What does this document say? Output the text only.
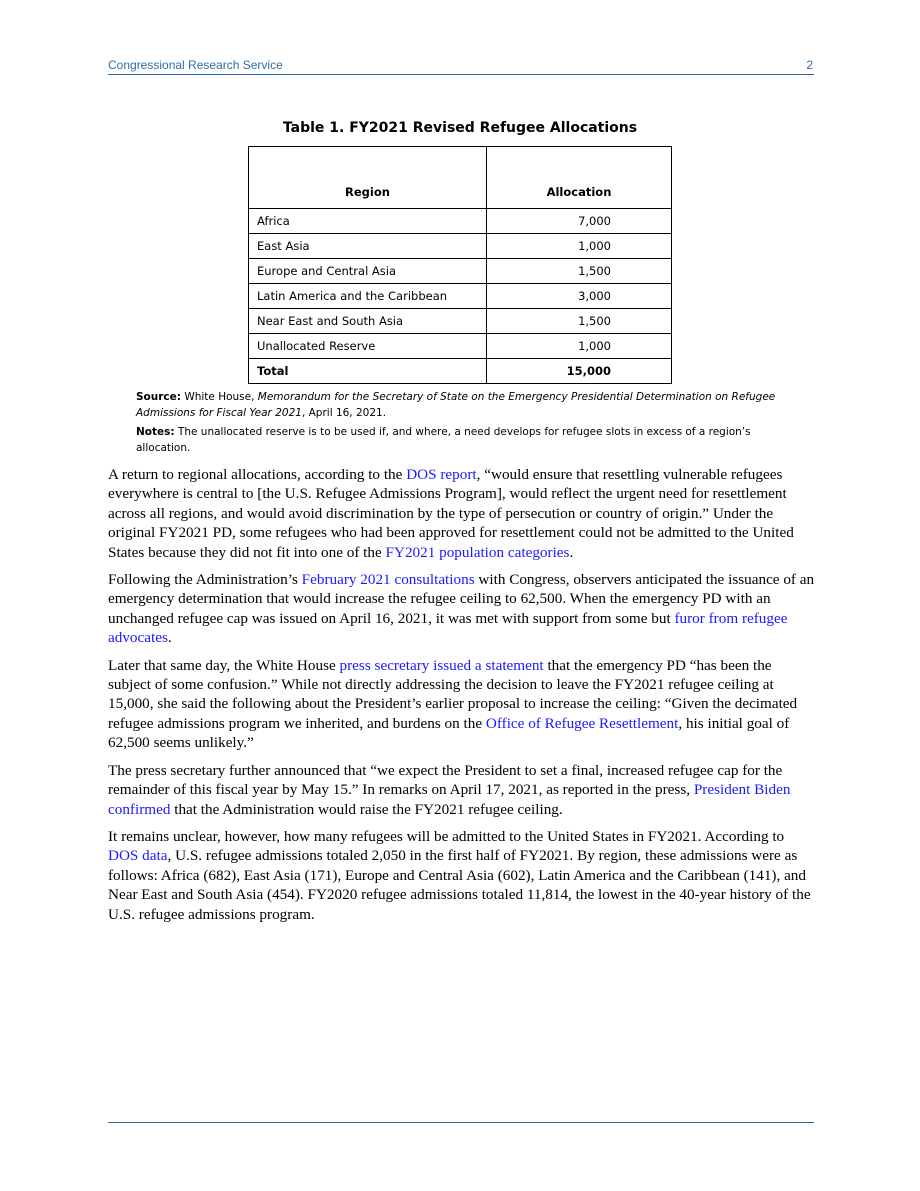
Congressional Research Service	2
Table 1. FY2021 Revised Refugee Allocations
Region	Allocation
Africa	7,000
East Asia	1,000
Europe and Central Asia	1,500
Latin America and the Caribbean	3,000
Near East and South Asia	1,500
Unallocated Reserve	1,000
Total	15,000
Source: White House, Memorandum for the Secretary of State on the Emergency Presidential Determination on Refugee Admissions for Fiscal Year 2021, April 16, 2021.
Notes: The unallocated reserve is to be used if, and where, a need develops for refugee slots in excess of a region’s allocation.

A return to regional allocations, according to the DOS report, “would ensure that resettling vulnerable refugees everywhere is central to [the U.S. Refugee Admissions Program], would reflect the urgent need for resettlement across all regions, and would avoid discrimination by the type of persecution or country of origin.” Under the original FY2021 PD, some refugees who had been approved for resettlement could not be admitted to the United States because they did not fit into one of the FY2021 population categories.

Following the Administration’s February 2021 consultations with Congress, observers anticipated the issuance of an emergency determination that would increase the refugee ceiling to 62,500. When the emergency PD with an unchanged refugee cap was issued on April 16, 2021, it was met with support from some but furor from refugee advocates.

Later that same day, the White House press secretary issued a statement that the emergency PD “has been the subject of some confusion.” While not directly addressing the decision to leave the FY2021 refugee ceiling at 15,000, she said the following about the President’s earlier proposal to increase the ceiling: “Given the decimated refugee admissions program we inherited, and burdens on the Office of Refugee Resettlement, his initial goal of 62,500 seems unlikely.”

The press secretary further announced that “we expect the President to set a final, increased refugee cap for the remainder of this fiscal year by May 15.” In remarks on April 17, 2021, as reported in the press, President Biden confirmed that the Administration would raise the FY2021 refugee ceiling.

It remains unclear, however, how many refugees will be admitted to the United States in FY2021. According to DOS data, U.S. refugee admissions totaled 2,050 in the first half of FY2021. By region, these admissions were as follows: Africa (682), East Asia (171), Europe and Central Asia (602), Latin America and the Caribbean (141), and Near East and South Asia (454). FY2020 refugee admissions totaled 11,814, the lowest in the 40-year history of the U.S. refugee admissions program.
